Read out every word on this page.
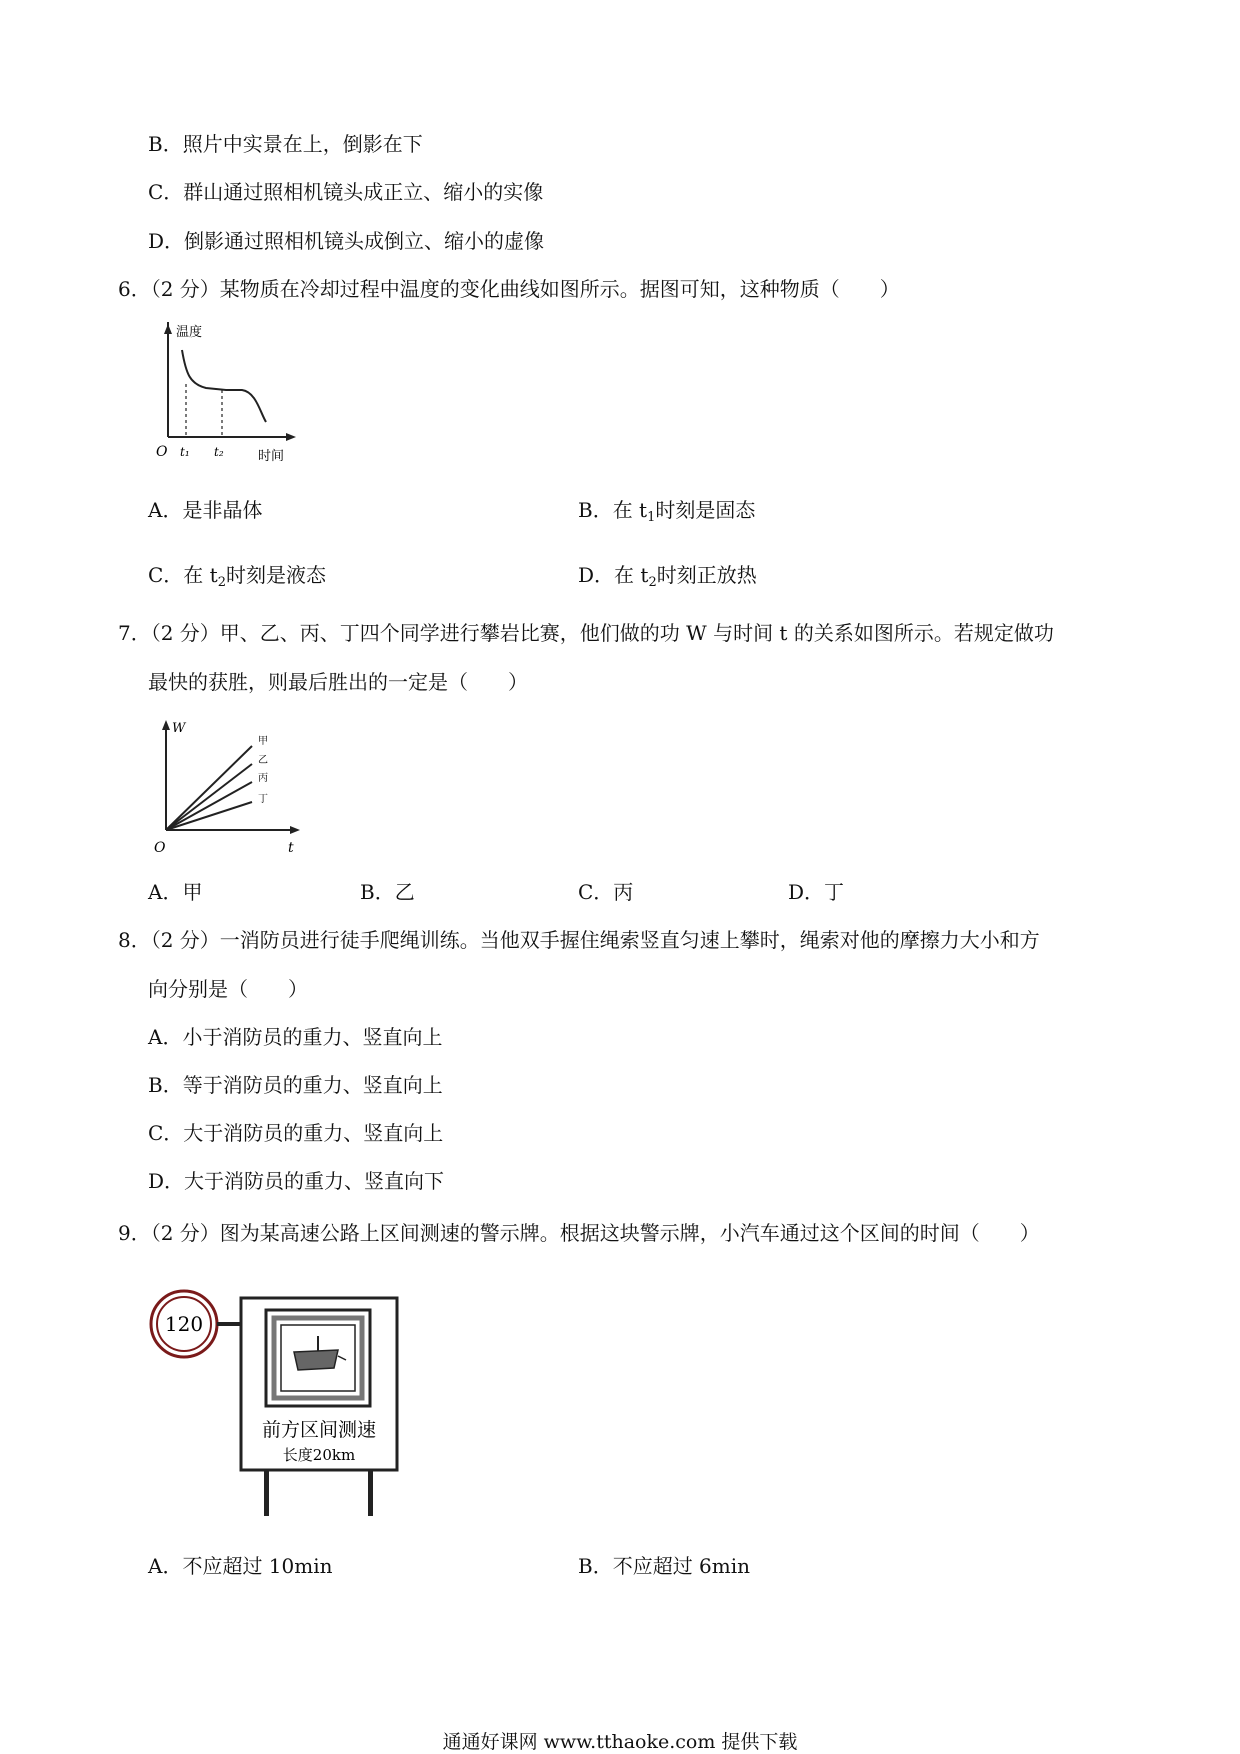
B．照片中实景在上，倒影在下
C．群山通过照相机镜头成正立、缩小的实像
D．倒影通过照相机镜头成倒立、缩小的虚像
6．（2 分）某物质在冷却过程中温度的变化曲线如图所示。据图可知，这种物质（　　）
温度
时间
O t₁ t₂
A．是非晶体	B．在 $t_1$时刻是固态
C．在 $t_2$时刻是液态	D．在 $t_2$时刻正放热
7．（2 分）甲、乙、丙、丁四个同学进行攀岩比赛，他们做的功 W 与时间 t 的关系如图所示。若规定做功
最快的获胜，则最后胜出的一定是（　　）
W
t
O
甲
乙
丙
丁
A．甲	B．乙	C．丙	D．丁
8．（2 分）一消防员进行徒手爬绳训练。当他双手握住绳索竖直匀速上攀时，绳索对他的摩擦力大小和方
向分别是（　　）
A．小于消防员的重力、竖直向上
B．等于消防员的重力、竖直向上
C．大于消防员的重力、竖直向上
D．大于消防员的重力、竖直向下
9．（2 分）图为某高速公路上区间测速的警示牌。根据这块警示牌，小汽车通过这个区间的时间（　　）
120
前方区间测速
长度20km
A．不应超过 10min	B．不应超过 6min
通通好课网 www.tthaoke.com 提供下载
